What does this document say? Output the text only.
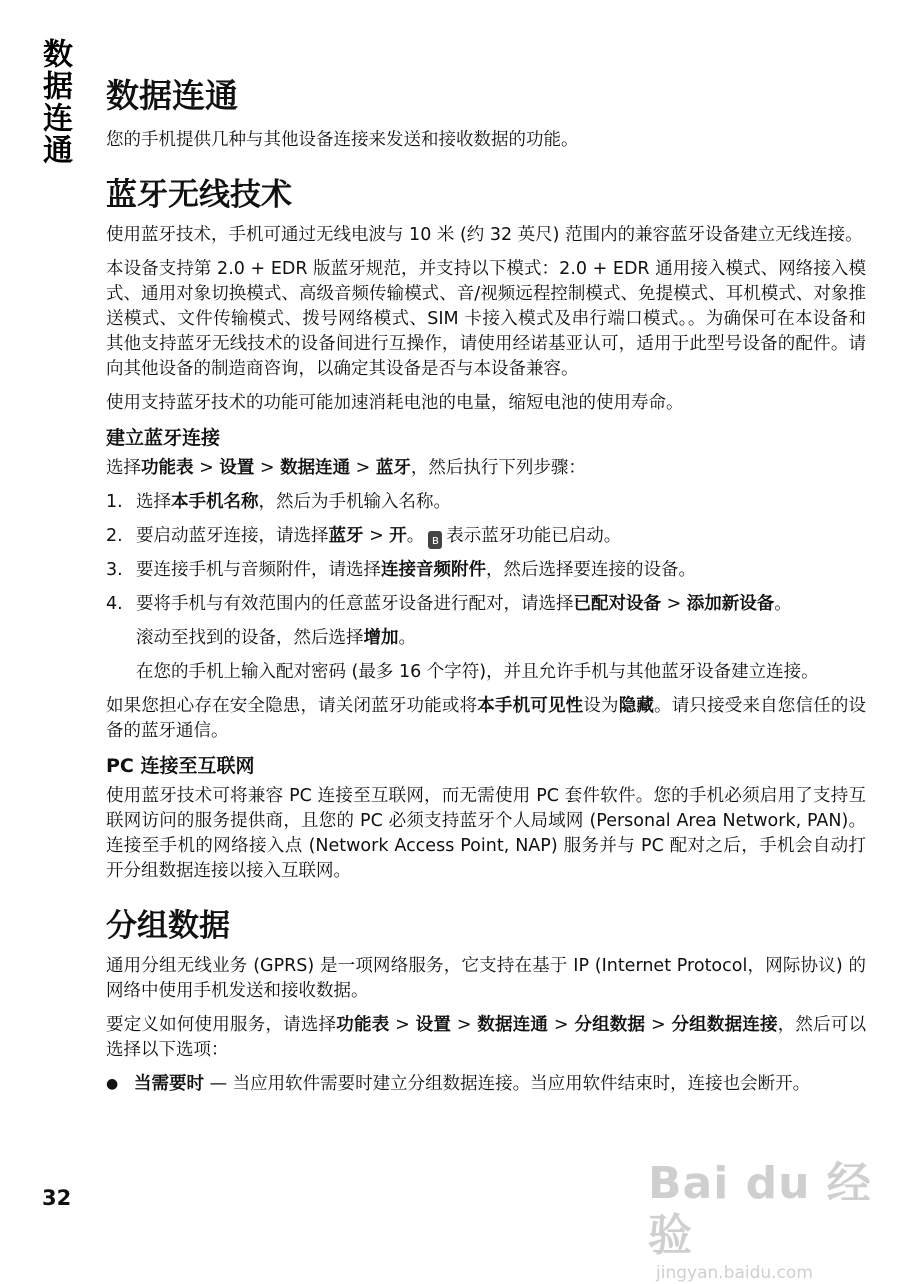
数据连通 数据连通

您的手机提供几种与其他设备连接来发送和接收数据的功能。

蓝牙无线技术

使用蓝牙技术，手机可通过无线电波与 10 米 (约 32 英尺) 范围内的兼容蓝牙设备建立无线连接。

本设备支持第 2.0 + EDR 版蓝牙规范，并支持以下模式：2.0 + EDR 通用接入模式、网络接入模式、通用对象切换模式、高级音频传输模式、音/视频远程控制模式、免提模式、耳机模式、对象推送模式、文件传输模式、拨号网络模式、SIM 卡接入模式及串行端口模式。。为确保可在本设备和其他支持蓝牙无线技术的设备间进行互操作，请使用经诺基亚认可，适用于此型号设备的配件。请向其他设备的制造商咨询，以确定其设备是否与本设备兼容。

使用支持蓝牙技术的功能可能加速消耗电池的电量，缩短电池的使用寿命。

建立蓝牙连接

选择功能表 > 设置 > 数据连通 > 蓝牙，然后执行下列步骤：

1. 选择本手机名称，然后为手机输入名称。
2. 要启动蓝牙连接，请选择蓝牙 > 开。 ʙ 表示蓝牙功能已启动。
3. 要连接手机与音频附件，请选择连接音频附件，然后选择要连接的设备。
4. 要将手机与有效范围内的任意蓝牙设备进行配对，请选择已配对设备 > 添加新设备。

滚动至找到的设备，然后选择增加。

在您的手机上输入配对密码 (最多 16 个字符)，并且允许手机与其他蓝牙设备建立连接。

如果您担心存在安全隐患，请关闭蓝牙功能或将本手机可见性设为隐藏。请只接受来自您信任的设备的蓝牙通信。

PC 连接至互联网

使用蓝牙技术可将兼容 PC 连接至互联网，而无需使用 PC 套件软件。您的手机必须启用了支持互联网访问的服务提供商，且您的 PC 必须支持蓝牙个人局域网 (Personal Area Network, PAN)。连接至手机的网络接入点 (Network Access Point, NAP) 服务并与 PC 配对之后，手机会自动打开分组数据连接以接入互联网。

分组数据

通用分组无线业务 (GPRS) 是一项网络服务，它支持在基于 IP (Internet Protocol，网际协议) 的网络中使用手机发送和接收数据。

要定义如何使用服务，请选择功能表 > 设置 > 数据连通 > 分组数据 > 分组数据连接，然后可以选择以下选项：

● 当需要时 — 当应用软件需要时建立分组数据连接。当应用软件结束时，连接也会断开。
32	Bai du 经验
jingyan.baidu.com
